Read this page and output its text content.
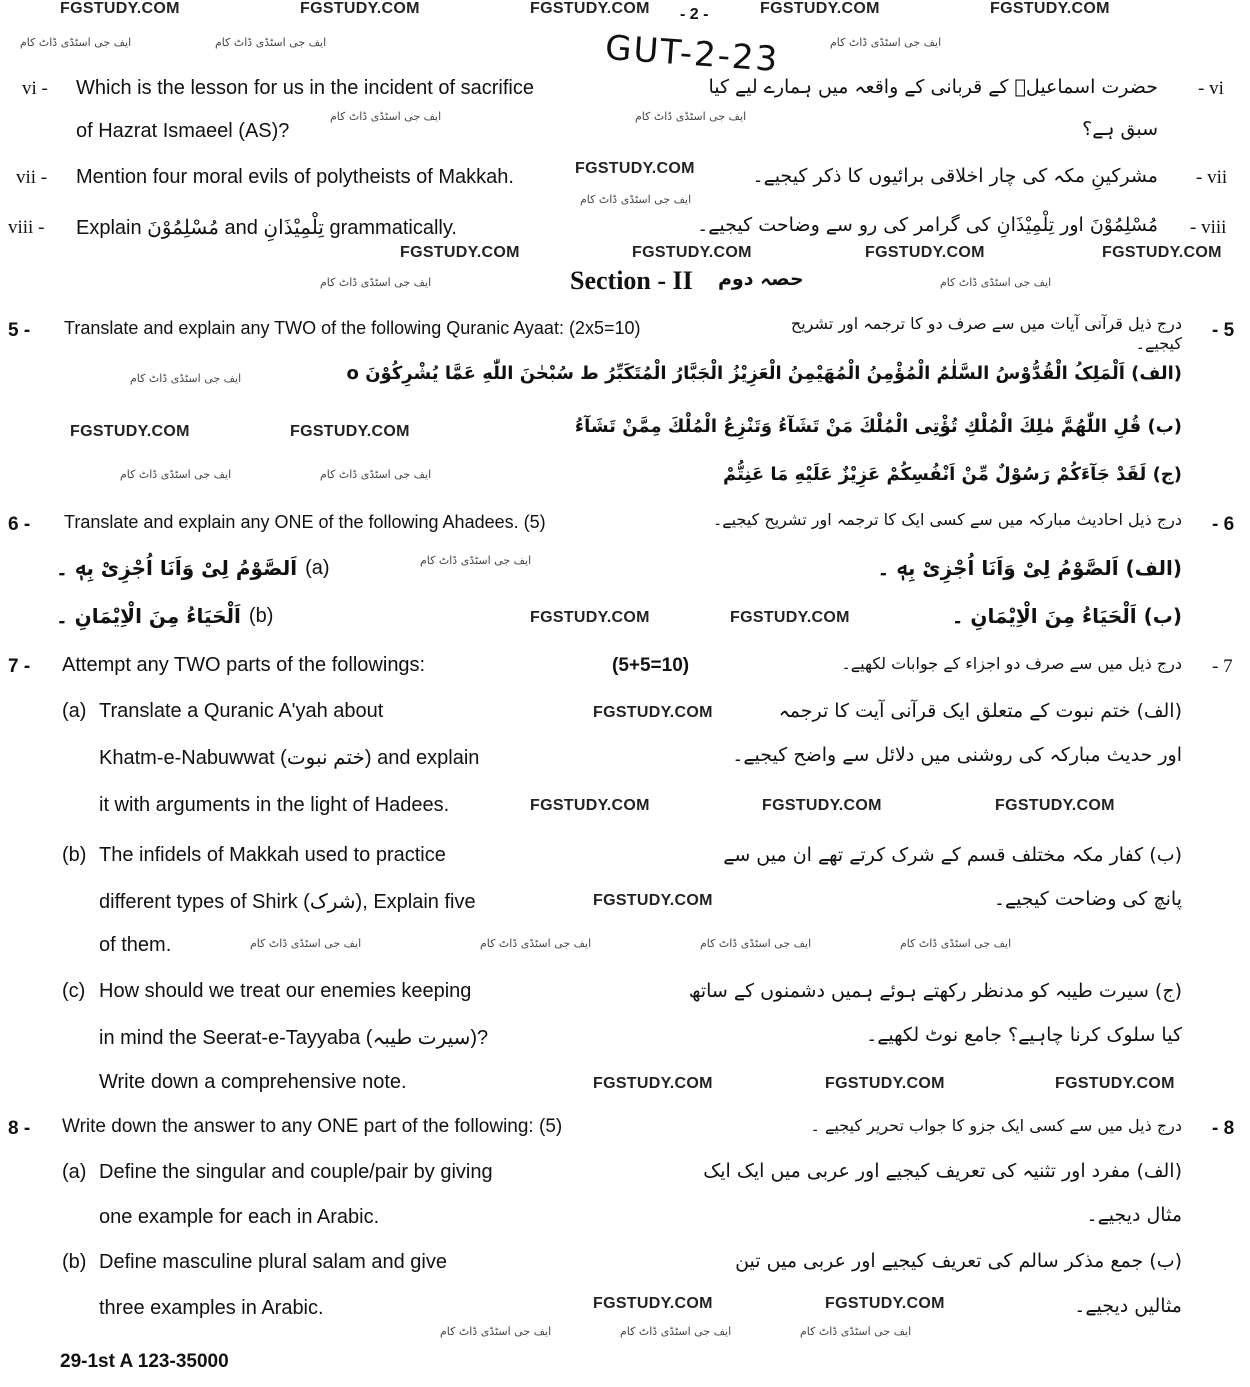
FGSTUDY.COM	FGSTUDY.COM	FGSTUDY.COM - 2 -	FGSTUDY.COM	FGSTUDY.COM
ایف جی اسٹڈی ڈاٹ کام	ایف جی اسٹڈی ڈاٹ کام	ایف جی اسٹڈی ڈاٹ کام
GUT-2-23
vi - Which is the lesson for us in the incident of sacrifice	حضرت اسماعیلؑ کے قربانی کے واقعہ میں ہمارے لیے کیا - vi
of Hazrat Ismaeel (AS)?	سبق ہے؟
ایف جی اسٹڈی ڈاٹ کام	ایف جی اسٹڈی ڈاٹ کام
vii - Mention four moral evils of polytheists of Makkah.	FGSTUDY.COM	مشرکینِ مکہ کی چار اخلاقی برائیوں کا ذکر کیجیے۔ - vii
ایف جی اسٹڈی ڈاٹ کام
viii - Explain مُسْلِمُوْنَ and تِلْمِیْذَانِ grammatically.	مُسْلِمُوْنَ اور تِلْمِیْذَانِ کی گرامر کی رو سے وضاحت کیجیے۔ - viii
FGSTUDY.COM	FGSTUDY.COM	FGSTUDY.COM	FGSTUDY.COM
Section - II حصہ دوم
ایف جی اسٹڈی ڈاٹ کام	ایف جی اسٹڈی ڈاٹ کام
5 - Translate and explain any TWO of the following Quranic Ayaat: (2x5=10)	درج ذیل قرآنی آیات میں سے صرف دو کا ترجمہ اور تشریح کیجیے۔
- 5
ایف جی اسٹڈی ڈاٹ کام	(الف) اَلْمَلِکُ الْقُدُّوْسُ السَّلٰمُ الْمُؤْمِنُ الْمُهَيْمِنُ الْعَزِيْزُ الْجَبَّارُ الْمُتَكَبِّرُ ط سُبْحٰنَ اللّٰهِ عَمَّا يُشْرِكُوْنَ o
FGSTUDY.COM	FGSTUDY.COM	(ب) قُلِ اللّٰهُمَّ مٰلِكَ الْمُلْكِ تُؤْتِی الْمُلْكَ مَنْ تَشَآءُ وَتَنْزِعُ الْمُلْكَ مِمَّنْ تَشَآءُ
ایف جی اسٹڈی ڈاٹ کام	ایف جی اسٹڈی ڈاٹ کام	(ج) لَقَدْ جَآءَكُمْ رَسُوْلٌ مِّنْ اَنْفُسِكُمْ عَزِيْزٌ عَلَيْهِ مَا عَنِتُّمْ
6 - Translate and explain any ONE of the following Ahadees. (5)	درج ذیل احادیث مبارکہ میں سے کسی ایک کا ترجمہ اور تشریح کیجیے۔ - 6
اَلصَّوْمُ لِیْ وَاَنَا اُجْزِیْ بِهٖ ۔ (a)	ایف جی اسٹڈی ڈاٹ کام	(الف) اَلصَّوْمُ لِیْ وَاَنَا اُجْزِیْ بِهٖ ۔
اَلْحَيَاءُ مِنَ الْاِيْمَانِ ۔ (b)	FGSTUDY.COM	FGSTUDY.COM	(ب) اَلْحَيَاءُ مِنَ الْاِيْمَانِ ۔
7 - Attempt any TWO parts of the followings:	(5+5=10)	درج ذیل میں سے صرف دو اجزاء کے جوابات لکھیے۔ - 7
(a) Translate a Quranic A'yah about
Khatm-e-Nabuwwat (ختم نبوت) and explain
it with arguments in the light of Hadees.
(الف) ختم نبوت کے متعلق ایک قرآنی آیت کا ترجمہ
اور حدیث مبارکہ کی روشنی میں دلائل سے واضح کیجیے۔
FGSTUDY.COM
FGSTUDY.COM	FGSTUDY.COM	FGSTUDY.COM
(b) The infidels of Makkah used to practice
different types of Shirk (شرک), Explain five
of them.
(ب) کفار مکہ مختلف قسم کے شرک کرتے تھے ان میں سے
پانچ کی وضاحت کیجیے۔
FGSTUDY.COM
ایف جی اسٹڈی ڈاٹ کام	ایف جی اسٹڈی ڈاٹ کام	ایف جی اسٹڈی ڈاٹ کام	ایف جی اسٹڈی ڈاٹ کام
(c) How should we treat our enemies keeping
in mind the Seerat-e-Tayyaba (سیرت طیبہ)?
Write down a comprehensive note.
(ج) سیرت طیبہ کو مدنظر رکھتے ہوئے ہمیں دشمنوں کے ساتھ
کیا سلوک کرنا چاہیے؟ جامع نوٹ لکھیے۔
FGSTUDY.COM	FGSTUDY.COM	FGSTUDY.COM
8 - Write down the answer to any ONE part of the following: (5)	درج ذیل میں سے کسی ایک جزو کا جواب تحریر کیجیے ۔ - 8
(a) Define the singular and couple/pair by giving
one example for each in Arabic.
(الف) مفرد اور تثنیہ کی تعریف کیجیے اور عربی میں ایک ایک
مثال دیجیے۔
(b) Define masculine plural salam and give
three examples in Arabic.
(ب) جمع مذکر سالم کی تعریف کیجیے اور عربی میں تین
مثالیں دیجیے۔
FGSTUDY.COM	FGSTUDY.COM
ایف جی اسٹڈی ڈاٹ کام	ایف جی اسٹڈی ڈاٹ کام	ایف جی اسٹڈی ڈاٹ کام
29-1st A 123-35000
